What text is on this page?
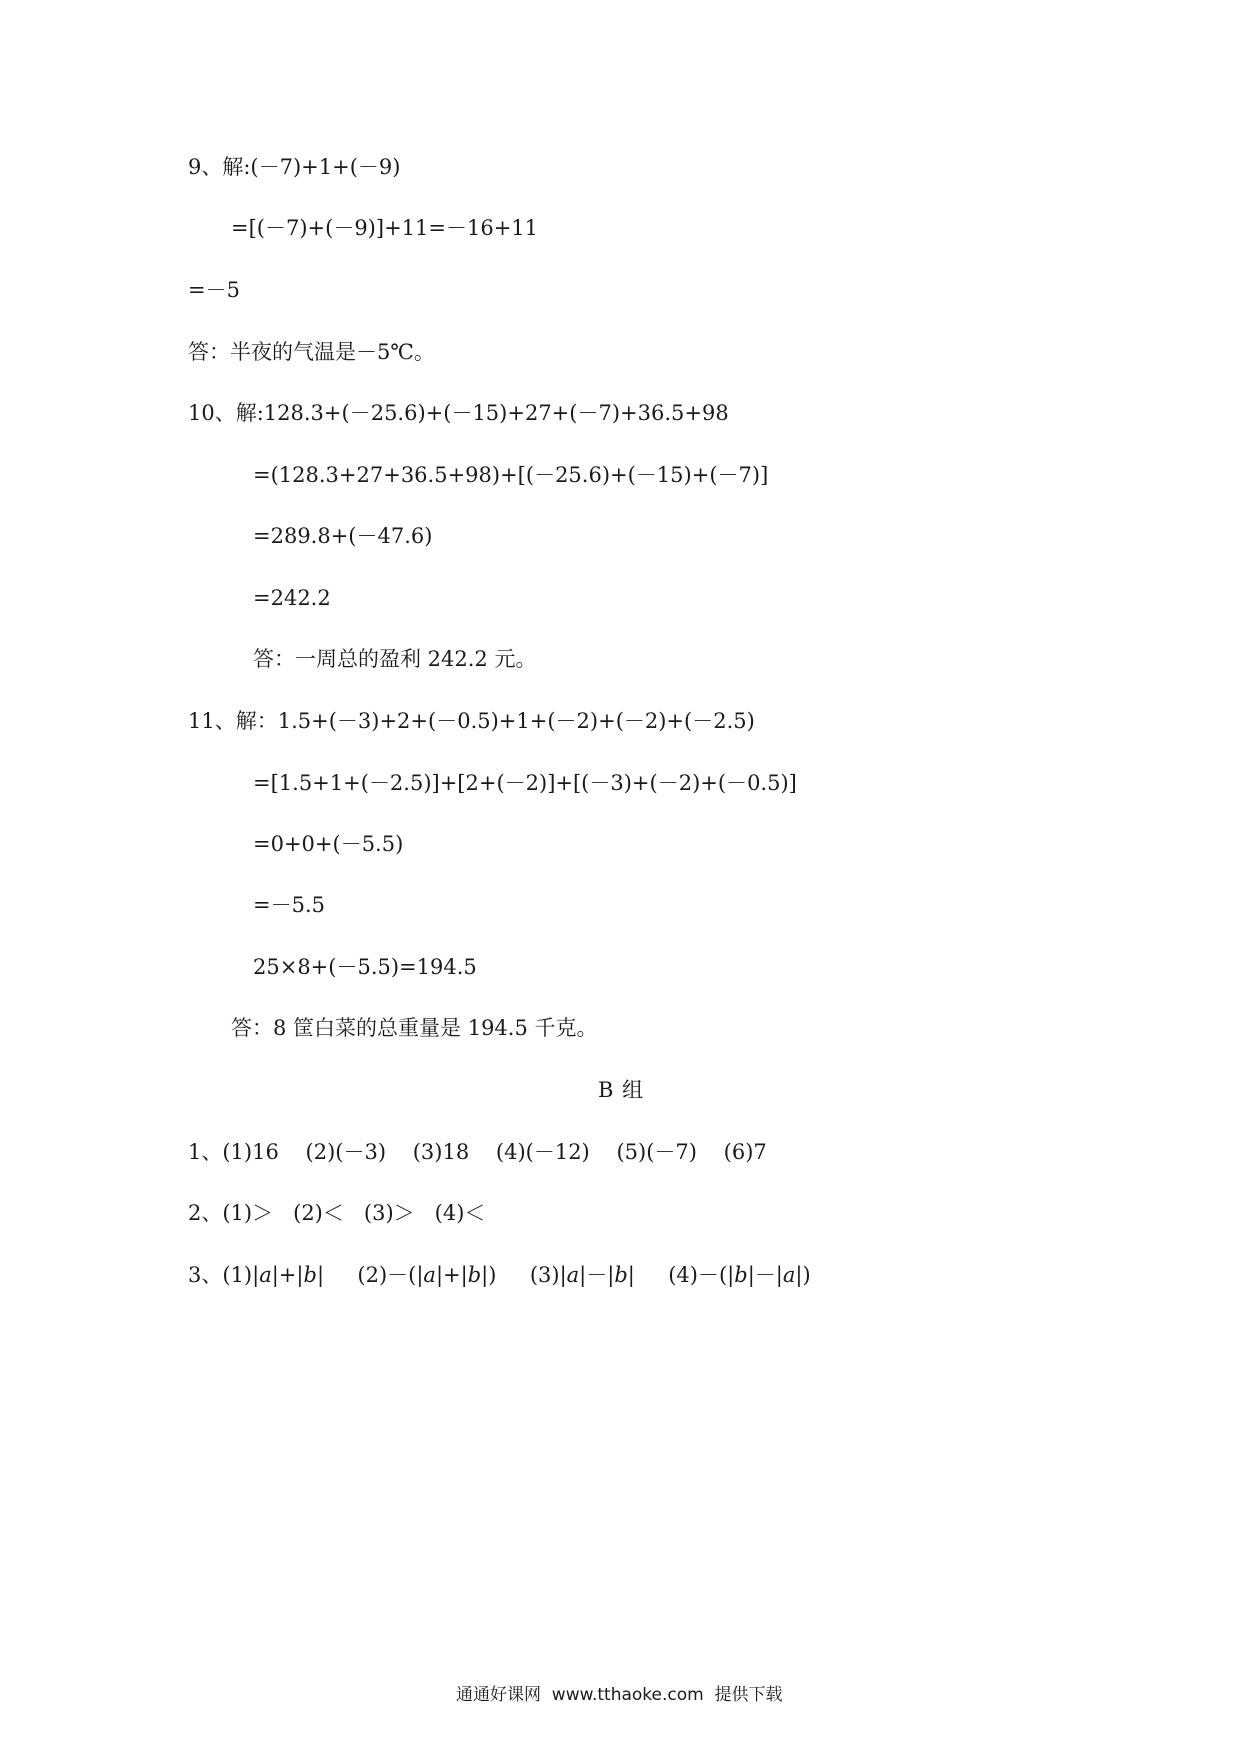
9、解:(－7)+1+(－9)
=[(－7)+(－9)]+11=－16+11
=－5
答：半夜的气温是－5℃。
10、解:128.3+(－25.6)+(－15)+27+(－7)+36.5+98
=(128.3+27+36.5+98)+[(－25.6)+(－15)+(－7)]
=289.8+(－47.6)
=242.2
答：一周总的盈利 242.2 元。
11、解：1.5+(－3)+2+(－0.5)+1+(－2)+(－2)+(－2.5)
=[1.5+1+(－2.5)]+[2+(－2)]+[(－3)+(－2)+(－0.5)]
=0+0+(－5.5)
=－5.5
25×8+(－5.5)=194.5
答：8 筐白菜的总重量是 194.5 千克。
B 组
1、(1)16    (2)(－3)    (3)18    (4)(－12)    (5)(－7)    (6)7
2、(1)＞   (2)＜   (3)＞   (4)＜
3、(1)|a|+|b|     (2)－(|a|+|b|)     (3)|a|－|b|     (4)－(|b|－|a|)
通通好课网  www.tthaoke.com  提供下载
